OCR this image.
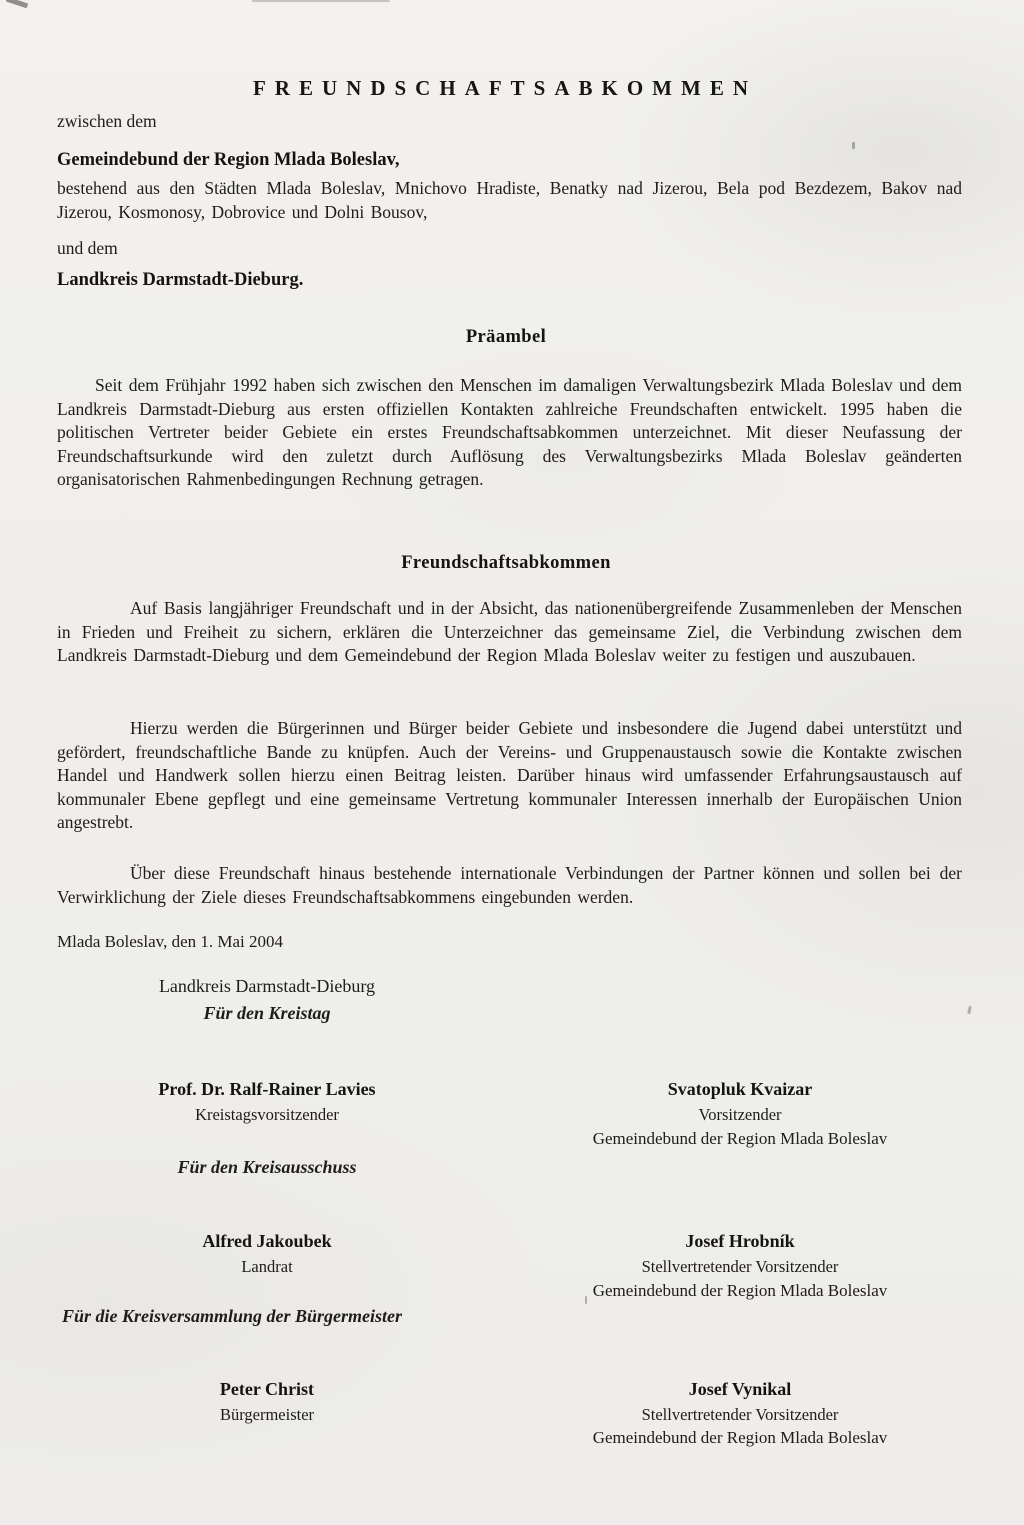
FREUNDSCHAFTSABKOMMEN
zwischen dem
Gemeindebund der Region Mlada Boleslav,
bestehend aus den Städten Mlada Boleslav, Mnichovo Hradiste, Benatky nad Jizerou, Bela pod Bezdezem, Bakov nad Jizerou, Kosmonosy, Dobrovice und Dolni Bousov,
und dem
Landkreis Darmstadt-Dieburg.
Präambel
Seit dem Frühjahr 1992 haben sich zwischen den Menschen im damaligen Verwaltungsbezirk Mlada Boleslav und dem Landkreis Darmstadt-Dieburg aus ersten offiziellen Kontakten zahlreiche Freundschaften entwickelt. 1995 haben die politischen Vertreter beider Gebiete ein erstes Freundschaftsabkommen unterzeichnet. Mit dieser Neufassung der Freundschaftsurkunde wird den zuletzt durch Auflösung des Verwaltungsbezirks Mlada Boleslav geänderten organisatorischen Rahmenbedingungen Rechnung getragen.
Freundschaftsabkommen
Auf Basis langjähriger Freundschaft und in der Absicht, das nationenübergreifende Zusammenleben der Menschen in Frieden und Freiheit zu sichern, erklären die Unterzeichner das gemeinsame Ziel, die Verbindung zwischen dem Landkreis Darmstadt-Dieburg und dem Gemeindebund der Region Mlada Boleslav weiter zu festigen und auszubauen.
Hierzu werden die Bürgerinnen und Bürger beider Gebiete und insbesondere die Jugend dabei unterstützt und gefördert, freundschaftliche Bande zu knüpfen. Auch der Vereins- und Gruppenaustausch sowie die Kontakte zwischen Handel und Handwerk sollen hierzu einen Beitrag leisten. Darüber hinaus wird umfassender Erfahrungsaustausch auf kommunaler Ebene gepflegt und eine gemeinsame Vertretung kommunaler Interessen innerhalb der Europäischen Union angestrebt.
Über diese Freundschaft hinaus bestehende internationale Verbindungen der Partner können und sollen bei der Verwirklichung der Ziele dieses Freundschaftsabkommens eingebunden werden.
Mlada Boleslav, den 1. Mai 2004
Landkreis Darmstadt-Dieburg
Für den Kreistag
Prof. Dr. Ralf-Rainer Lavies
Kreistagsvorsitzender
Svatopluk Kvaizar
Vorsitzender
Gemeindebund der Region Mlada Boleslav
Für den Kreisausschuss
Alfred Jakoubek
Landrat
Josef Hrobník
Stellvertretender Vorsitzender
Gemeindebund der Region Mlada Boleslav
Für die Kreisversammlung der Bürgermeister
Peter Christ
Bürgermeister
Josef Vynikal
Stellvertretender Vorsitzender
Gemeindebund der Region Mlada Boleslav
